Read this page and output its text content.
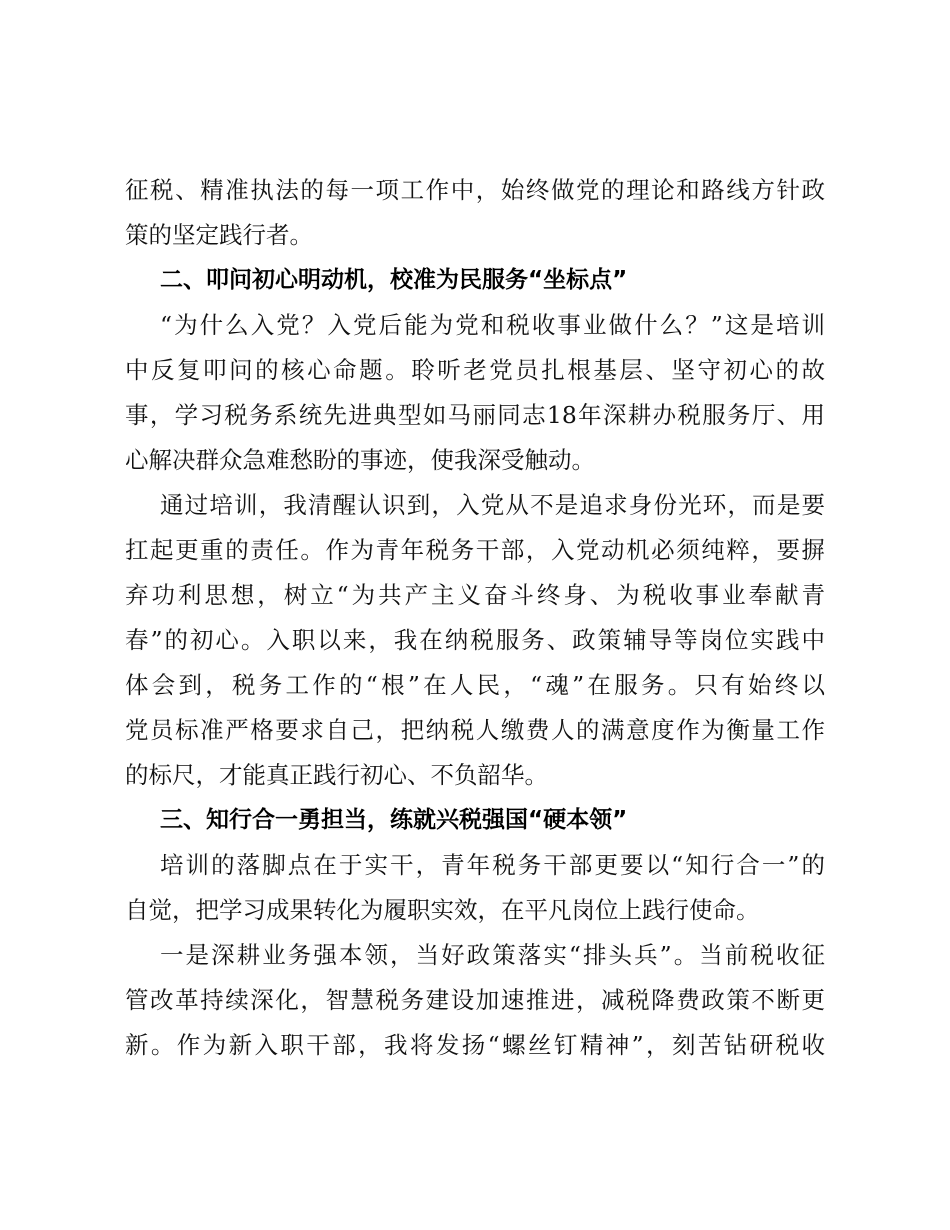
征税、精准执法的每一项工作中，始终做党的理论和路线方针政
策的坚定践行者。
二、叩问初心明动机，校准为民服务“坐标点”
“为什么入党？入党后能为党和税收事业做什么？”这是培训
中反复叩问的核心命题。聆听老党员扎根基层、坚守初心的故
事，学习税务系统先进典型如马丽同志18年深耕办税服务厅、用
心解决群众急难愁盼的事迹，使我深受触动。
通过培训，我清醒认识到，入党从不是追求身份光环，而是要
扛起更重的责任。作为青年税务干部，入党动机必须纯粹，要摒
弃功利思想，树立“为共产主义奋斗终身、为税收事业奉献青
春”的初心。入职以来，我在纳税服务、政策辅导等岗位实践中
体会到，税务工作的“根”在人民，“魂”在服务。只有始终以
党员标准严格要求自己，把纳税人缴费人的满意度作为衡量工作
的标尺，才能真正践行初心、不负韶华。
三、知行合一勇担当，练就兴税强国“硬本领”
培训的落脚点在于实干，青年税务干部更要以“知行合一”的
自觉，把学习成果转化为履职实效，在平凡岗位上践行使命。
一是深耕业务强本领，当好政策落实“排头兵”。当前税收征
管改革持续深化，智慧税务建设加速推进，减税降费政策不断更
新。作为新入职干部，我将发扬“螺丝钉精神”，刻苦钻研税收
